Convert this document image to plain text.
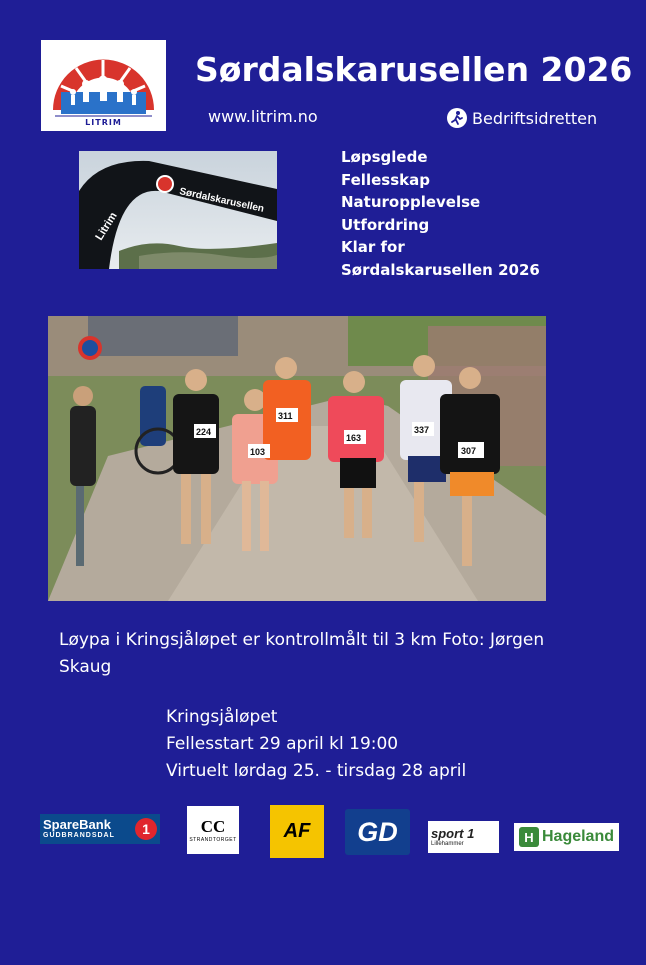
LITRIM
Sørdalskarusellen 2026
www.litrim.no	Bedriftsidretten
Sørdalskarusellen
Litrim
Løpsglede
Fellesskap
Naturopplevelse
Utfordring
Klar for
Sørdalskarusellen 2026
224
103
311
163
337
307
Løypa i Kringsjåløpet er kontrollmålt til 3 km Foto: Jørgen Skaug
Kringsjåløpet
Fellesstart 29 april kl 19:00
Virtuelt lørdag 25. - tirsdag 28 april
SpareBank
GUDBRANDSDAL	1	CC
STRANDTORGET AF GD	sport 1
Lillehammer	H Hageland
